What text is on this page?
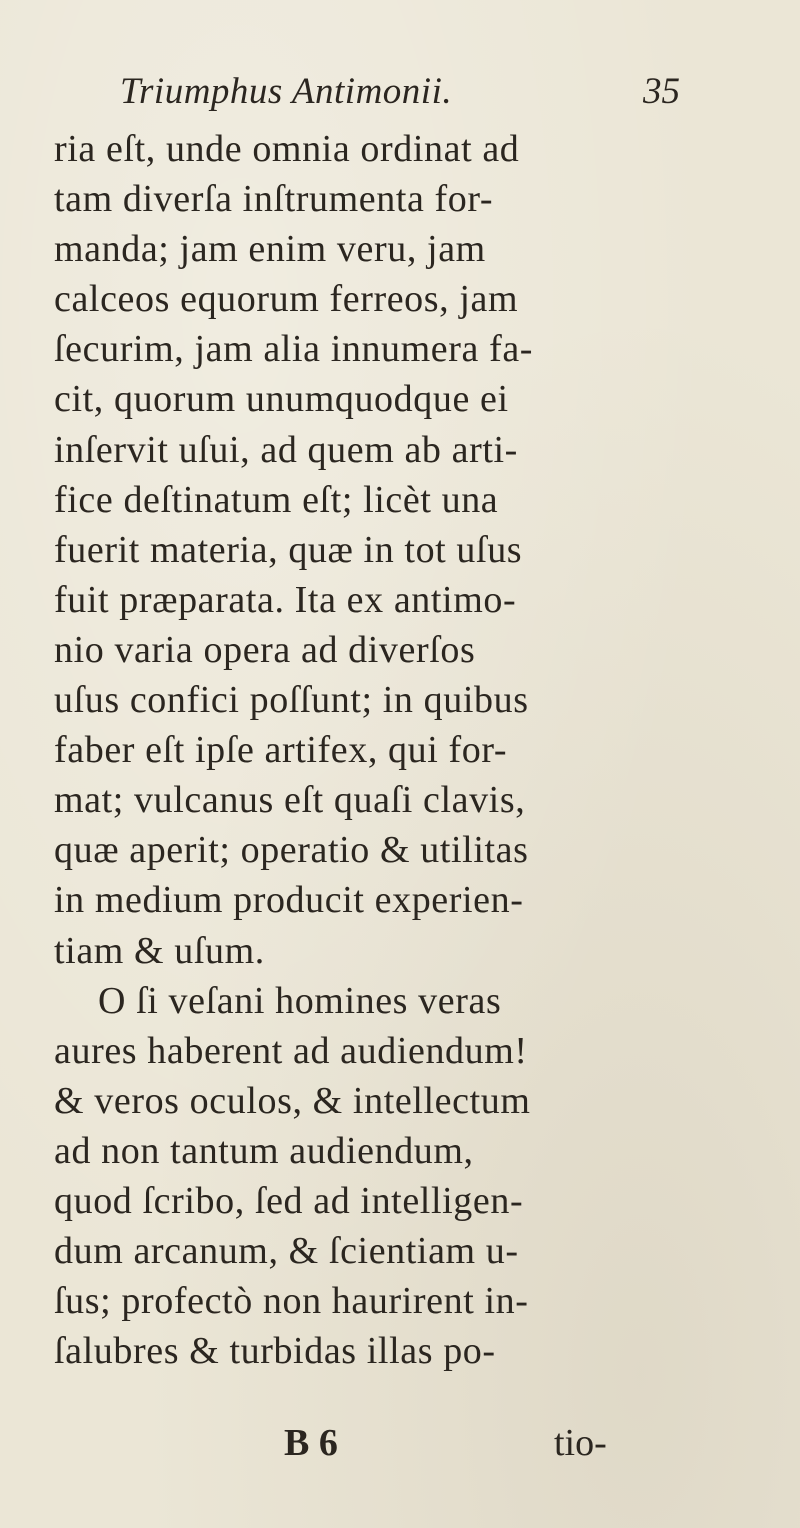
Triumphus Antimonii.	35
ria eſt, unde omnia ordinat ad
tam diverſa inſtrumenta for-
manda; jam enim veru, jam
calceos equorum ferreos, jam
ſecurim, jam alia innumera fa-
cit, quorum unumquodque ei
inſervit uſui, ad quem ab arti-
fice deſtinatum eſt; licèt una
fuerit materia, quæ in tot uſus
fuit præparata. Ita ex antimo-
nio varia opera ad diverſos
uſus confici poſſunt; in quibus
faber eſt ipſe artifex, qui for-
mat; vulcanus eſt quaſi clavis,
quæ aperit; operatio & utilitas
in medium producit experien-
tiam & uſum.
O ſi veſani homines veras
aures haberent ad audiendum!
& veros oculos, & intellectum
ad non tantum audiendum,
quod ſcribo, ſed ad intelligen-
dum arcanum, & ſcientiam u-
ſus; profectò non haurirent in-
ſalubres & turbidas illas po-
B 6	tio-
